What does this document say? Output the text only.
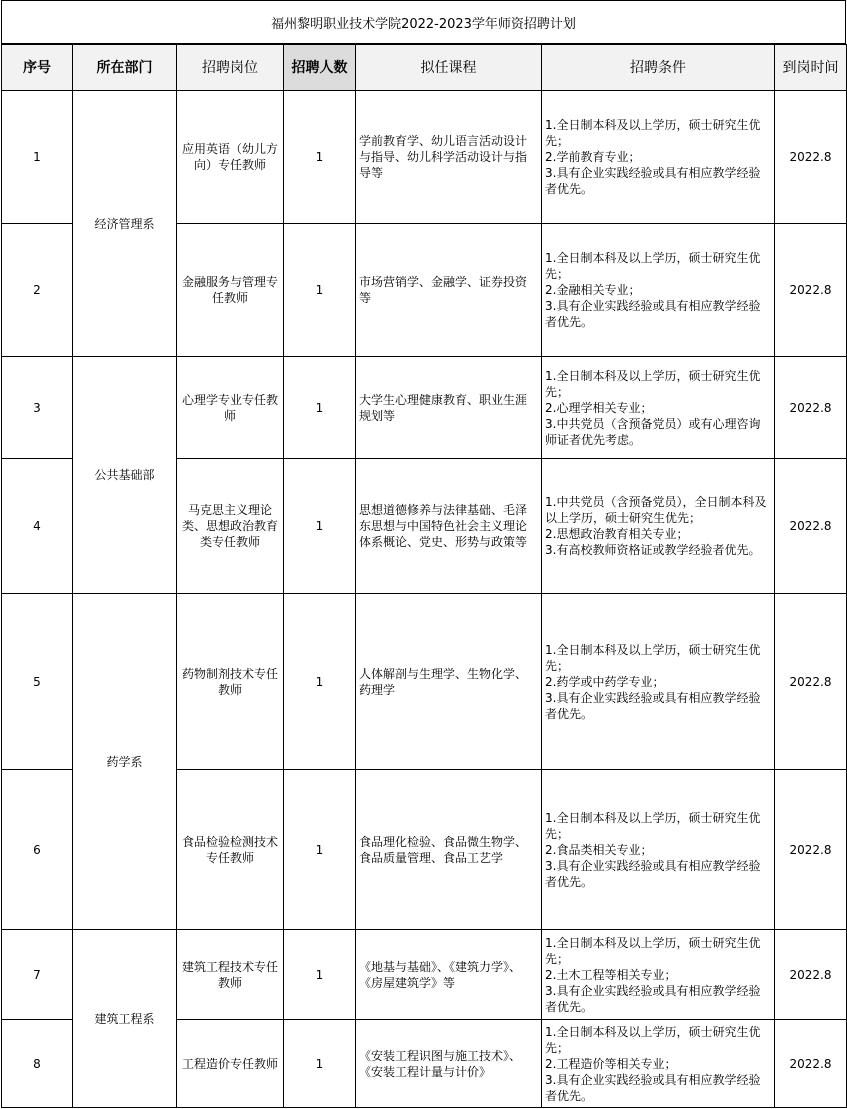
福州黎明职业技术学院2022-2023学年师资招聘计划
序号	所在部门	招聘岗位	招聘人数	拟任课程	招聘条件	到岗时间
1	经济管理系	应用英语（幼儿方向）专任教师	1	学前教育学、幼儿语言活动设计与指导、幼儿科学活动设计与指导等	1.全日制本科及以上学历，硕士研究生优先；
2.学前教育专业；
3.具有企业实践经验或具有相应教学经验者优先。	2022.8
2		金融服务与管理专任教师	1	市场营销学、金融学、证券投资等	1.全日制本科及以上学历，硕士研究生优先；
2.金融相关专业；
3.具有企业实践经验或具有相应教学经验者优先。	2022.8
3	公共基础部	心理学专业专任教师	1	大学生心理健康教育、职业生涯规划等	1.全日制本科及以上学历，硕士研究生优先；
2.心理学相关专业；
3.中共党员（含预备党员）或有心理咨询师证者优先考虑。	2022.8
4		马克思主义理论类、思想政治教育类专任教师	1	思想道德修养与法律基础、毛泽东思想与中国特色社会主义理论体系概论、党史、形势与政策等	1.中共党员（含预备党员），全日制本科及以上学历，硕士研究生优先；
2.思想政治教育相关专业；
3.有高校教师资格证或教学经验者优先。	2022.8
5	药学系	药物制剂技术专任教师	1	人体解剖与生理学、生物化学、药理学	1.全日制本科及以上学历，硕士研究生优先；
2.药学或中药学专业；
3.具有企业实践经验或具有相应教学经验者优先。	2022.8
6		食品检验检测技术专任教师	1	食品理化检验、食品微生物学、食品质量管理、食品工艺学	1.全日制本科及以上学历，硕士研究生优先；
2.食品类相关专业；
3.具有企业实践经验或具有相应教学经验者优先。	2022.8
7	建筑工程系	建筑工程技术专任教师	1	《地基与基础》、《建筑力学》、《房屋建筑学》等	1.全日制本科及以上学历，硕士研究生优先；
2.土木工程等相关专业；
3.具有企业实践经验或具有相应教学经验者优先。	2022.8
8		工程造价专任教师	1	《安装工程识图与施工技术》、《安装工程计量与计价》	1.全日制本科及以上学历，硕士研究生优先；
2.工程造价等相关专业；
3.具有企业实践经验或具有相应教学经验者优先。	2022.8
